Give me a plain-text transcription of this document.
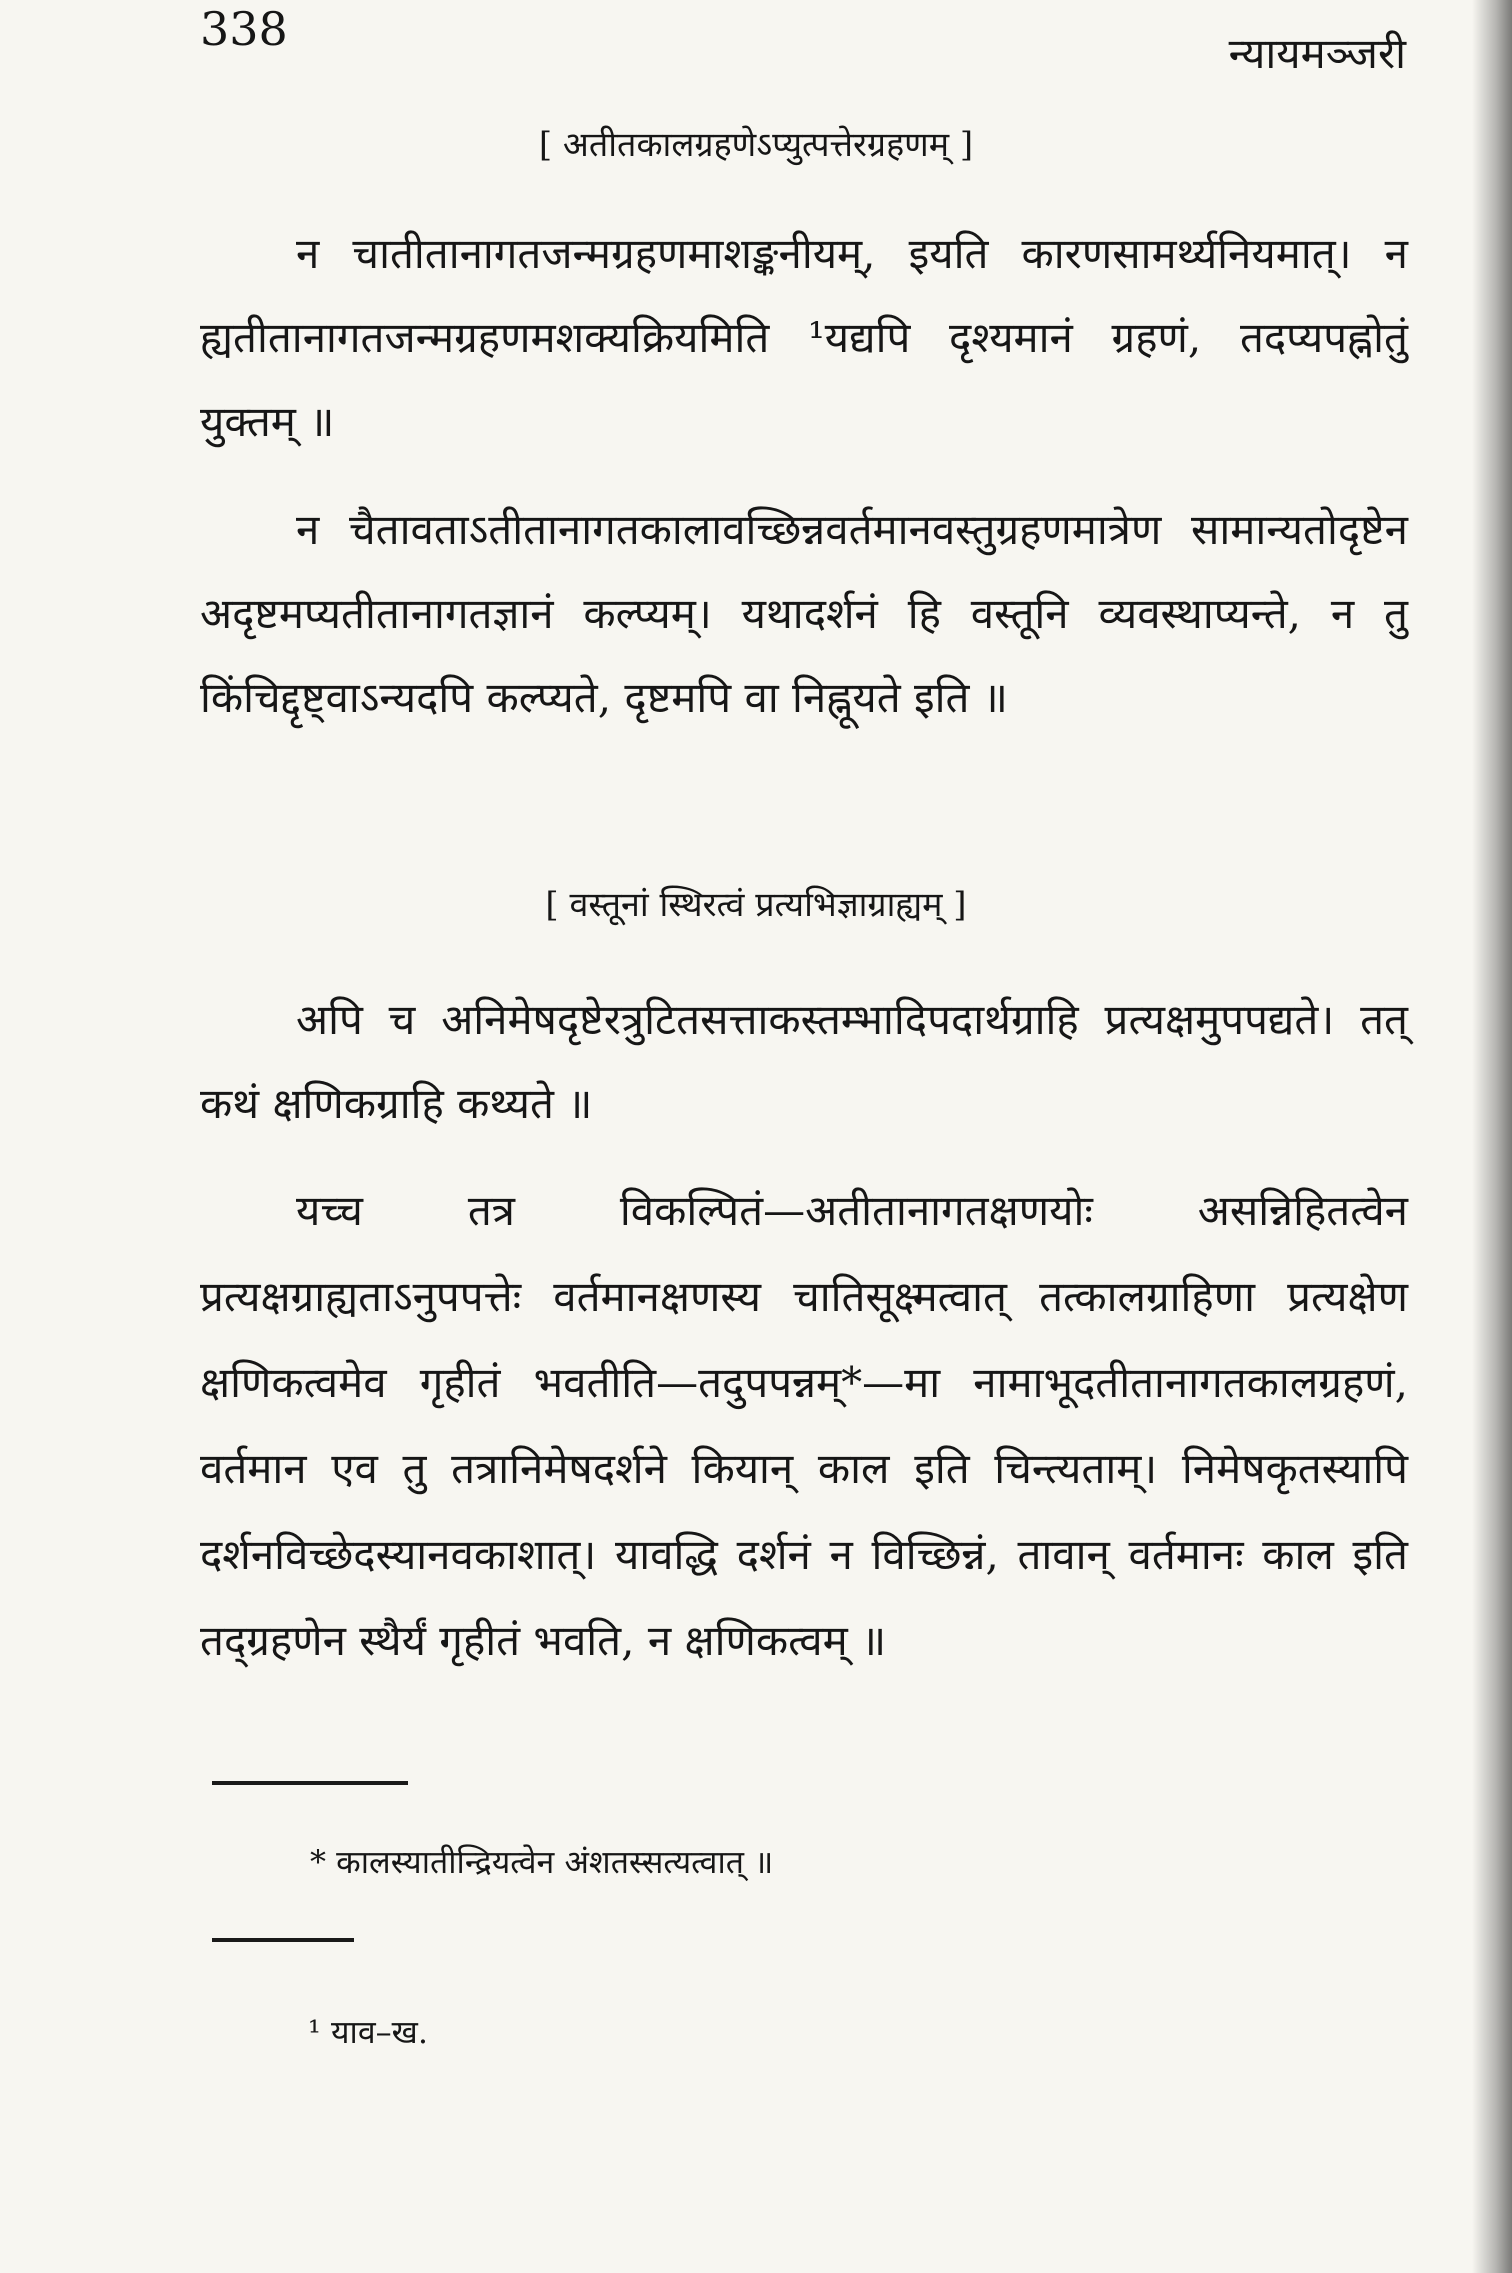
338	न्यायमञ्जरी
[ अतीतकालग्रहणेऽप्युत्पत्तेरग्रहणम् ]
न चातीतानागतजन्मग्रहणमाशङ्कनीयम्, इयति कारणसामर्थ्यनियमात्। न ह्यतीतानागतजन्मग्रहणमशक्यक्रियमिति ¹यद्यपि दृश्यमानं ग्रहणं, तदप्यपह्नोतुं युक्तम् ॥
न चैतावताऽतीतानागतकालावच्छिन्नवर्तमानवस्तुग्रहणमात्रेण सामान्यतोदृष्टेन अदृष्टमप्यतीतानागतज्ञानं कल्प्यम्। यथादर्शनं हि वस्तूनि व्यवस्थाप्यन्ते, न तु किंचिद्दृष्ट्वाऽन्यदपि कल्प्यते, दृष्टमपि वा निह्नूयते इति ॥
[ वस्तूनां स्थिरत्वं प्रत्यभिज्ञाग्राह्यम् ]
अपि च अनिमेषदृष्टेरत्रुटितसत्ताकस्तम्भादिपदार्थग्राहि प्रत्यक्षमुपपद्यते। तत् कथं क्षणिकग्राहि कथ्यते ॥
यच्च तत्र विकल्पितं—अतीतानागतक्षणयोः असन्निहितत्वेन प्रत्यक्षग्राह्यताऽनुपपत्तेः वर्तमानक्षणस्य चातिसूक्ष्मत्वात् तत्कालग्राहिणा प्रत्यक्षेण क्षणिकत्वमेव गृहीतं भवतीति—तदुपपन्नम्*—मा नामाभूदतीतानागतकालग्रहणं, वर्तमान एव तु तत्रानिमेषदर्शने कियान् काल इति चिन्त्यताम्। निमेषकृतस्यापि दर्शनविच्छेदस्यानवकाशात्। यावद्धि दर्शनं न विच्छिन्नं, तावान् वर्तमानः काल इति तद्ग्रहणेन स्थैर्यं गृहीतं भवति, न क्षणिकत्वम् ॥
* कालस्यातीन्द्रियत्वेन अंशतस्सत्यत्वात् ॥
¹ याव–ख.
